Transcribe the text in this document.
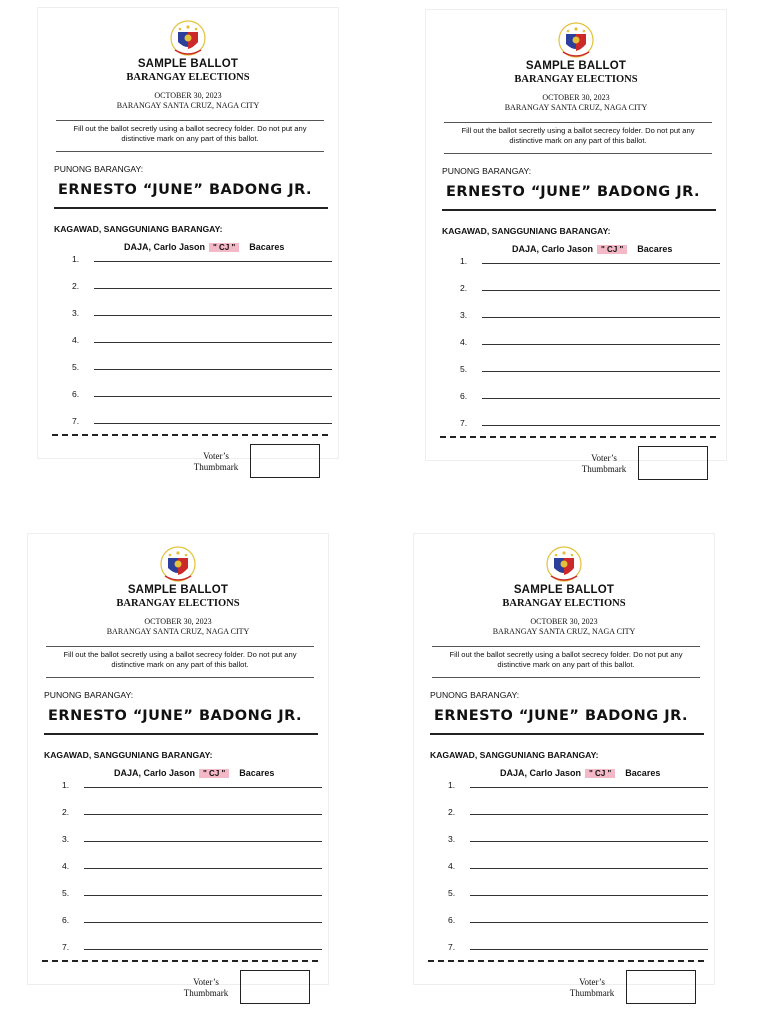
SAMPLE BALLOT
BARANGAY ELECTIONS
OCTOBER 30, 2023
BARANGAY SANTA CRUZ, NAGA CITY
Fill out the ballot secretly using a ballot secrecy folder. Do not put any distinctive mark on any part of this ballot.
PUNONG BARANGAY:
ERNESTO “JUNE” BADONG JR.
KAGAWAD, SANGGUNIANG BARANGAY:
1.
DAJA, Carlo Jason " CJ " Bacares
2.
3.
4.
5.
6.
7.
Voter’s Thumbmark
SAMPLE BALLOT
BARANGAY ELECTIONS
OCTOBER 30, 2023
BARANGAY SANTA CRUZ, NAGA CITY
Fill out the ballot secretly using a ballot secrecy folder. Do not put any distinctive mark on any part of this ballot.
PUNONG BARANGAY:
ERNESTO “JUNE” BADONG JR.
KAGAWAD, SANGGUNIANG BARANGAY:
1.
DAJA, Carlo Jason " CJ " Bacares
2.
3.
4.
5.
6.
7.
Voter’s Thumbmark
SAMPLE BALLOT
BARANGAY ELECTIONS
OCTOBER 30, 2023
BARANGAY SANTA CRUZ, NAGA CITY
Fill out the ballot secretly using a ballot secrecy folder. Do not put any distinctive mark on any part of this ballot.
PUNONG BARANGAY:
ERNESTO “JUNE” BADONG JR.
KAGAWAD, SANGGUNIANG BARANGAY:
1.
DAJA, Carlo Jason " CJ " Bacares
2.
3.
4.
5.
6.
7.
Voter’s Thumbmark
SAMPLE BALLOT
BARANGAY ELECTIONS
OCTOBER 30, 2023
BARANGAY SANTA CRUZ, NAGA CITY
Fill out the ballot secretly using a ballot secrecy folder. Do not put any distinctive mark on any part of this ballot.
PUNONG BARANGAY:
ERNESTO “JUNE” BADONG JR.
KAGAWAD, SANGGUNIANG BARANGAY:
1.
DAJA, Carlo Jason " CJ " Bacares
2.
3.
4.
5.
6.
7.
Voter’s Thumbmark
